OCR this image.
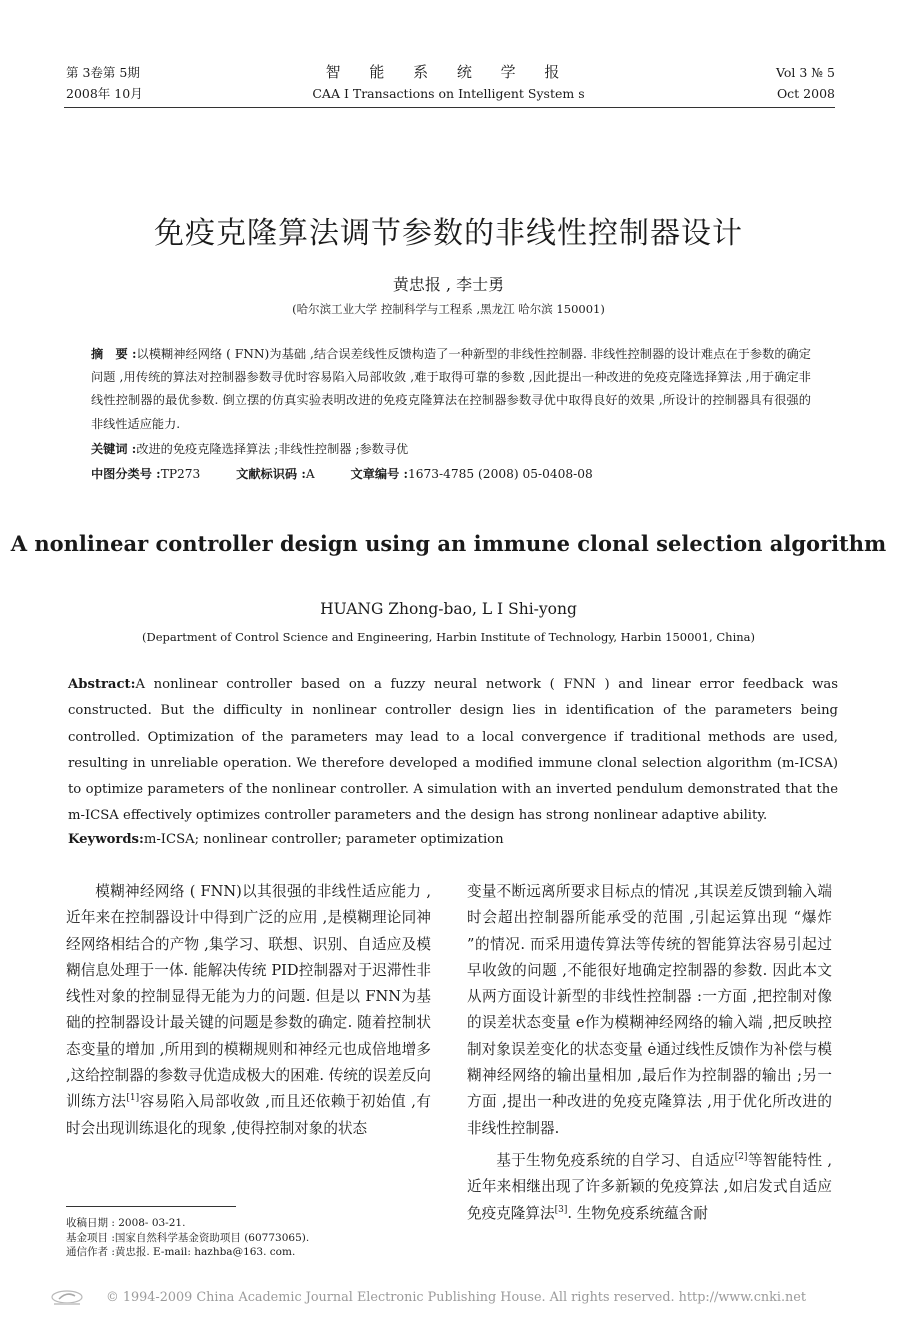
第 3卷第 5期
2008年 10月
智 能 系 统 学 报
CAA I Transactions on Intelligent System s
Vol 3 № 5
Oct 2008
免疫克隆算法调节参数的非线性控制器设计
黄忠报 , 李士勇
(哈尔滨工业大学 控制科学与工程系 ,黑龙江 哈尔滨 150001)
摘　要 :以模糊神经网络 ( FNN)为基础 ,结合误差线性反馈构造了一种新型的非线性控制器. 非线性控制器的设计难点在于参数的确定问题 ,用传统的算法对控制器参数寻优时容易陷入局部收敛 ,难于取得可靠的参数 ,因此提出一种改进的免疫克隆选择算法 ,用于确定非线性控制器的最优参数. 倒立摆的仿真实验表明改进的免疫克隆算法在控制器参数寻优中取得良好的效果 ,所设计的控制器具有很强的非线性适应能力.
关键词 :改进的免疫克隆选择算法 ;非线性控制器 ;参数寻优
中图分类号 :TP273	文献标识码 :A	文章编号 :1673-4785 (2008) 05-0408-08
A nonlinear controller design using an immune clonal selection algorithm
HUANG Zhong-bao, L I Shi-yong
(Department of Control Science and Engineering, Harbin Institute of Technology, Harbin 150001, China)
Abstract:A nonlinear controller based on a fuzzy neural network ( FNN ) and linear error feedback was constructed. But the difficulty in nonlinear controller design lies in identification of the parameters being controlled. Optimization of the parameters may lead to a local convergence if traditional methods are used, resulting in unreliable operation. We therefore developed a modified immune clonal selection algorithm (m-ICSA) to optimize parameters of the nonlinear controller. A simulation with an inverted pendulum demonstrated that the m-ICSA effectively optimizes controller parameters and the design has strong nonlinear adaptive ability.
Keywords:m-ICSA; nonlinear controller; parameter optimization

模糊神经网络 ( FNN)以其很强的非线性适应能力 ,近年来在控制器设计中得到广泛的应用 ,是模糊理论同神经网络相结合的产物 ,集学习、联想、识别、自适应及模糊信息处理于一体. 能解决传统 PID控制器对于迟滞性非线性对象的控制显得无能为力的问题. 但是以 FNN为基础的控制器设计最关键的问题是参数的确定. 随着控制状态变量的增加 ,所用到的模糊规则和神经元也成倍地增多 ,这给控制器的参数寻优造成极大的困难. 传统的误差反向训练方法[1]容易陷入局部收敛 ,而且还依赖于初始值 ,有时会出现训练退化的现象 ,使得控制对象的状态

变量不断远离所要求目标点的情况 ,其误差反馈到输入端时会超出控制器所能承受的范围 ,引起运算出现 “爆炸 ”的情况. 而采用遗传算法等传统的智能算法容易引起过早收敛的问题 ,不能很好地确定控制器的参数. 因此本文从两方面设计新型的非线性控制器 :一方面 ,把控制对像的误差状态变量 e作为模糊神经网络的输入端 ,把反映控制对象误差变化的状态变量 ė通过线性反馈作为补偿与模糊神经网络的输出量相加 ,最后作为控制器的输出 ;另一方面 ,提出一种改进的免疫克隆算法 ,用于优化所改进的非线性控制器.

基于生物免疫系统的自学习、自适应[2]等智能特性 ,近年来相继出现了许多新颖的免疫算法 ,如启发式自适应免疫克隆算法[3]. 生物免疫系统蕴含耐

收稿日期 : 2008- 03-21.
基金项目 :国家自然科学基金资助项目 (60773065).
通信作者 :黄忠报. E-mail: hazhba@163. com.
© 1994-2009 China Academic Journal Electronic Publishing House. All rights reserved. http://www.cnki.net
